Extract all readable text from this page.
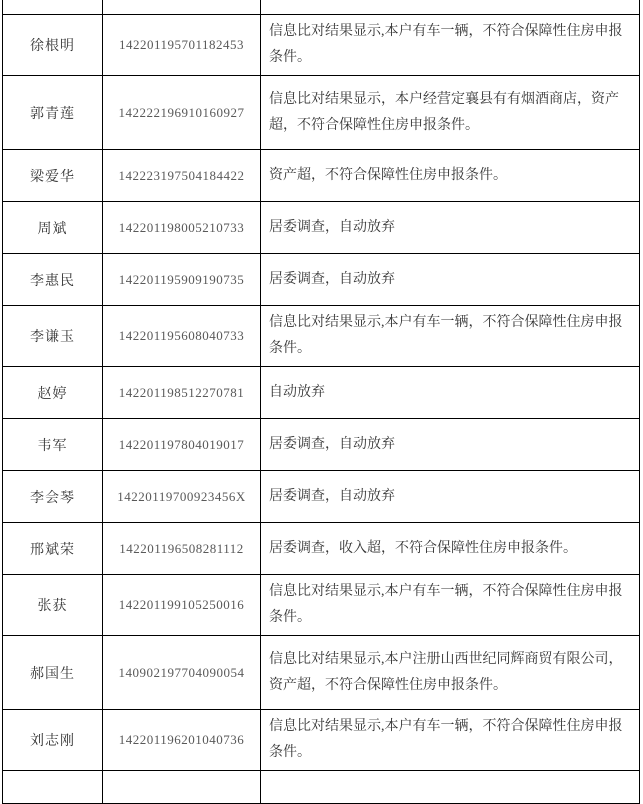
徐根明	142201195701182453	信息比对结果显示,本户有车一辆，不符合保障性住房申报条件。
郭青莲	142222196910160927	信息比对结果显示，本户经营定襄县有有烟酒商店，资产超，不符合保障性住房申报条件。
梁爱华	142223197504184422	资产超，不符合保障性住房申报条件。
周斌	142201198005210733	居委调查，自动放弃
李惠民	142201195909190735	居委调查，自动放弃
李谦玉	142201195608040733	信息比对结果显示,本户有车一辆，不符合保障性住房申报条件。
赵婷	142201198512270781	自动放弃
韦军	142201197804019017	居委调查，自动放弃
李会琴	14220119700923456X	居委调查，自动放弃
邢斌荣	142201196508281112	居委调查，收入超，不符合保障性住房申报条件。
张获	142201199105250016	信息比对结果显示,本户有车一辆，不符合保障性住房申报条件。
郝国生	140902197704090054	信息比对结果显示,本户注册山西世纪同辉商贸有限公司，资产超，不符合保障性住房申报条件。
刘志刚	142201196201040736	信息比对结果显示,本户有车一辆，不符合保障性住房申报条件。
